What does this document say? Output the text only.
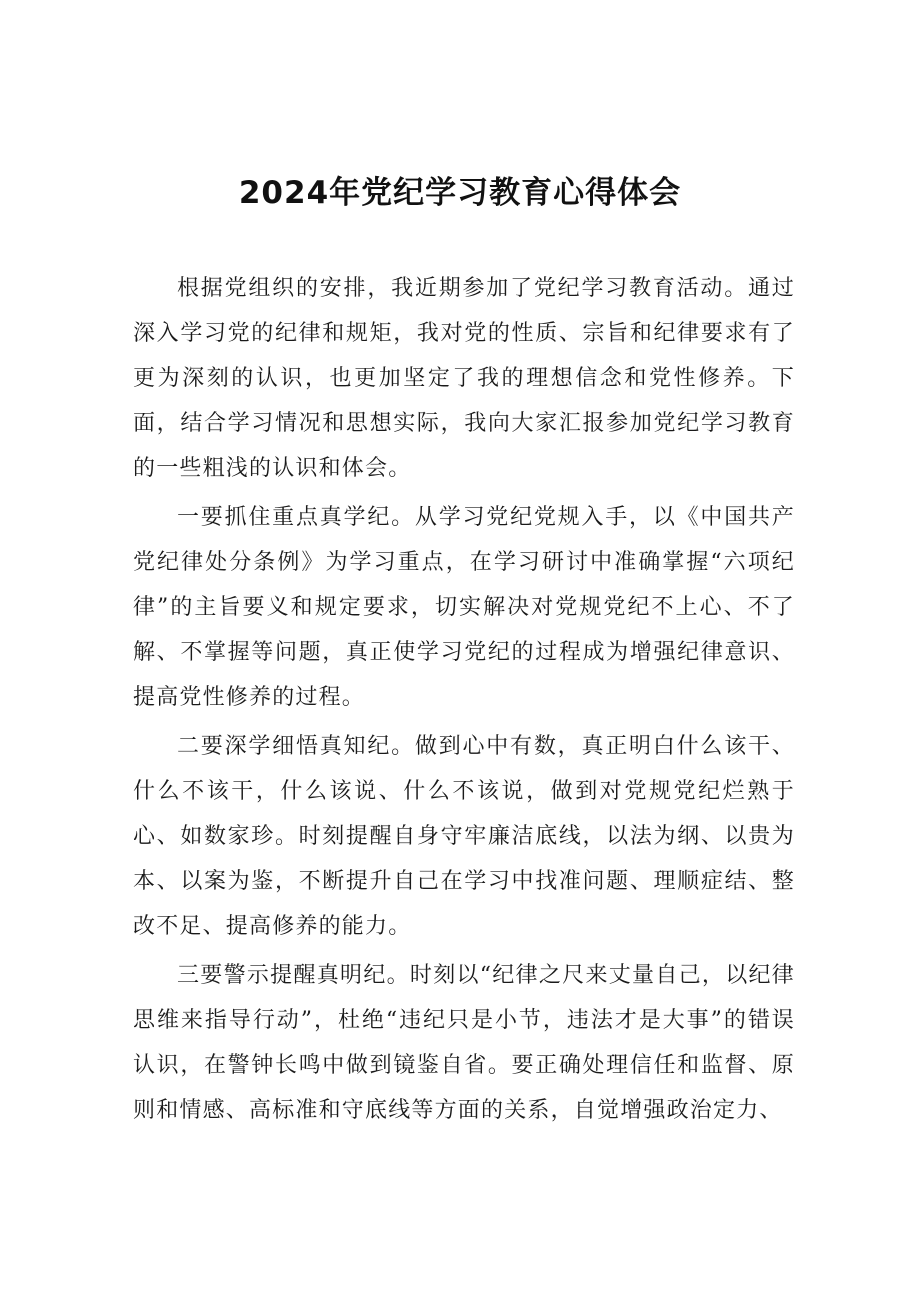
2024年党纪学习教育心得体会

根据党组织的安排，我近期参加了党纪学习教育活动。通过深入学习党的纪律和规矩，我对党的性质、宗旨和纪律要求有了更为深刻的认识，也更加坚定了我的理想信念和党性修养。下面，结合学习情况和思想实际，我向大家汇报参加党纪学习教育的一些粗浅的认识和体会。

一要抓住重点真学纪。从学习党纪党规入手，以《中国共产党纪律处分条例》为学习重点，在学习研讨中准确掌握“六项纪律”的主旨要义和规定要求，切实解决对党规党纪不上心、不了解、不掌握等问题，真正使学习党纪的过程成为增强纪律意识、提高党性修养的过程。

二要深学细悟真知纪。做到心中有数，真正明白什么该干、什么不该干，什么该说、什么不该说，做到对党规党纪烂熟于心、如数家珍。时刻提醒自身守牢廉洁底线，以法为纲、以贵为本、以案为鉴，不断提升自己在学习中找准问题、理顺症结、整改不足、提高修养的能力。

三要警示提醒真明纪。时刻以“纪律之尺来丈量自己，以纪律思维来指导行动”，杜绝“违纪只是小节，违法才是大事”的错误认识，在警钟长鸣中做到镜鉴自省。要正确处理信任和监督、原则和情感、高标准和守底线等方面的关系，自觉增强政治定力、
